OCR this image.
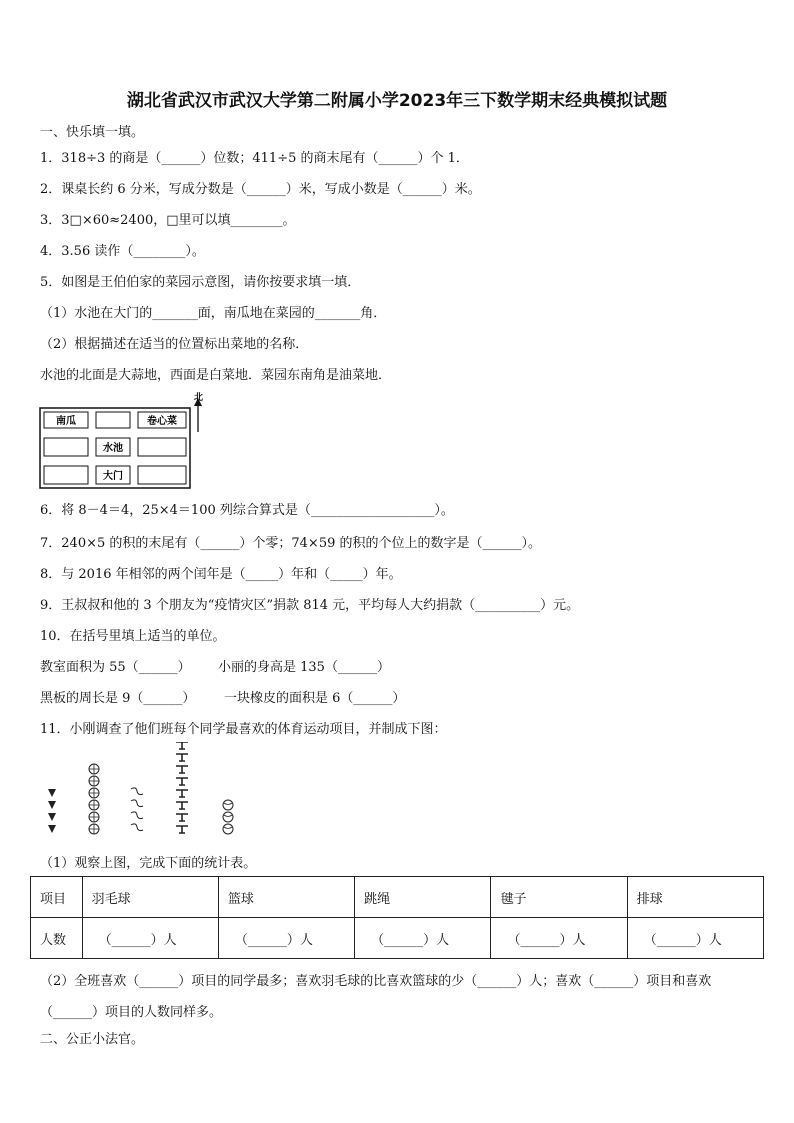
湖北省武汉市武汉大学第二附属小学2023年三下数学期末经典模拟试题
一、快乐填一填。
1．318÷3 的商是（______）位数；411÷5 的商末尾有（______）个 1．
2．课桌长约 6 分米，写成分数是（______）米，写成小数是（______）米。
3．3□×60≈2400，□里可以填________。
4．3.56 读作（________）。
5．如图是王伯伯家的菜园示意图，请你按要求填一填．
（1）水池在大门的_______面，南瓜地在菜园的_______角．
（2）根据描述在适当的位置标出菜地的名称．
水池的北面是大蒜地，西面是白菜地．菜园东南角是油菜地．
南瓜	卷心菜
水池
大门
北
6．将 8－4＝4，25×4＝100 列综合算式是（___________________）。
7．240×5 的积的末尾有（______）个零；74×59 的积的个位上的数字是（______）。
8．与 2016 年相邻的两个闰年是（_____）年和（_____）年。
9．王叔叔和他的 3 个朋友为“疫情灾区”捐款 814 元，平均每人大约捐款（__________）元。
10．在括号里填上适当的单位。
教室面积为 55（______） 小丽的身高是 135（______）
黑板的周长是 9（______） 一块橡皮的面积是 6（______）
11．小刚调查了他们班每个同学最喜欢的体育运动项目，并制成下图：
（1）观察上图，完成下面的统计表。
项目	羽毛球	篮球	跳绳	毽子	排球
人数	（______）人	（______）人	（______）人	（______）人	（______）人
（2）全班喜欢（______）项目的同学最多；喜欢羽毛球的比喜欢篮球的少（______）人；喜欢（______）项目和喜欢
（______）项目的人数同样多。
二、公正小法官。
